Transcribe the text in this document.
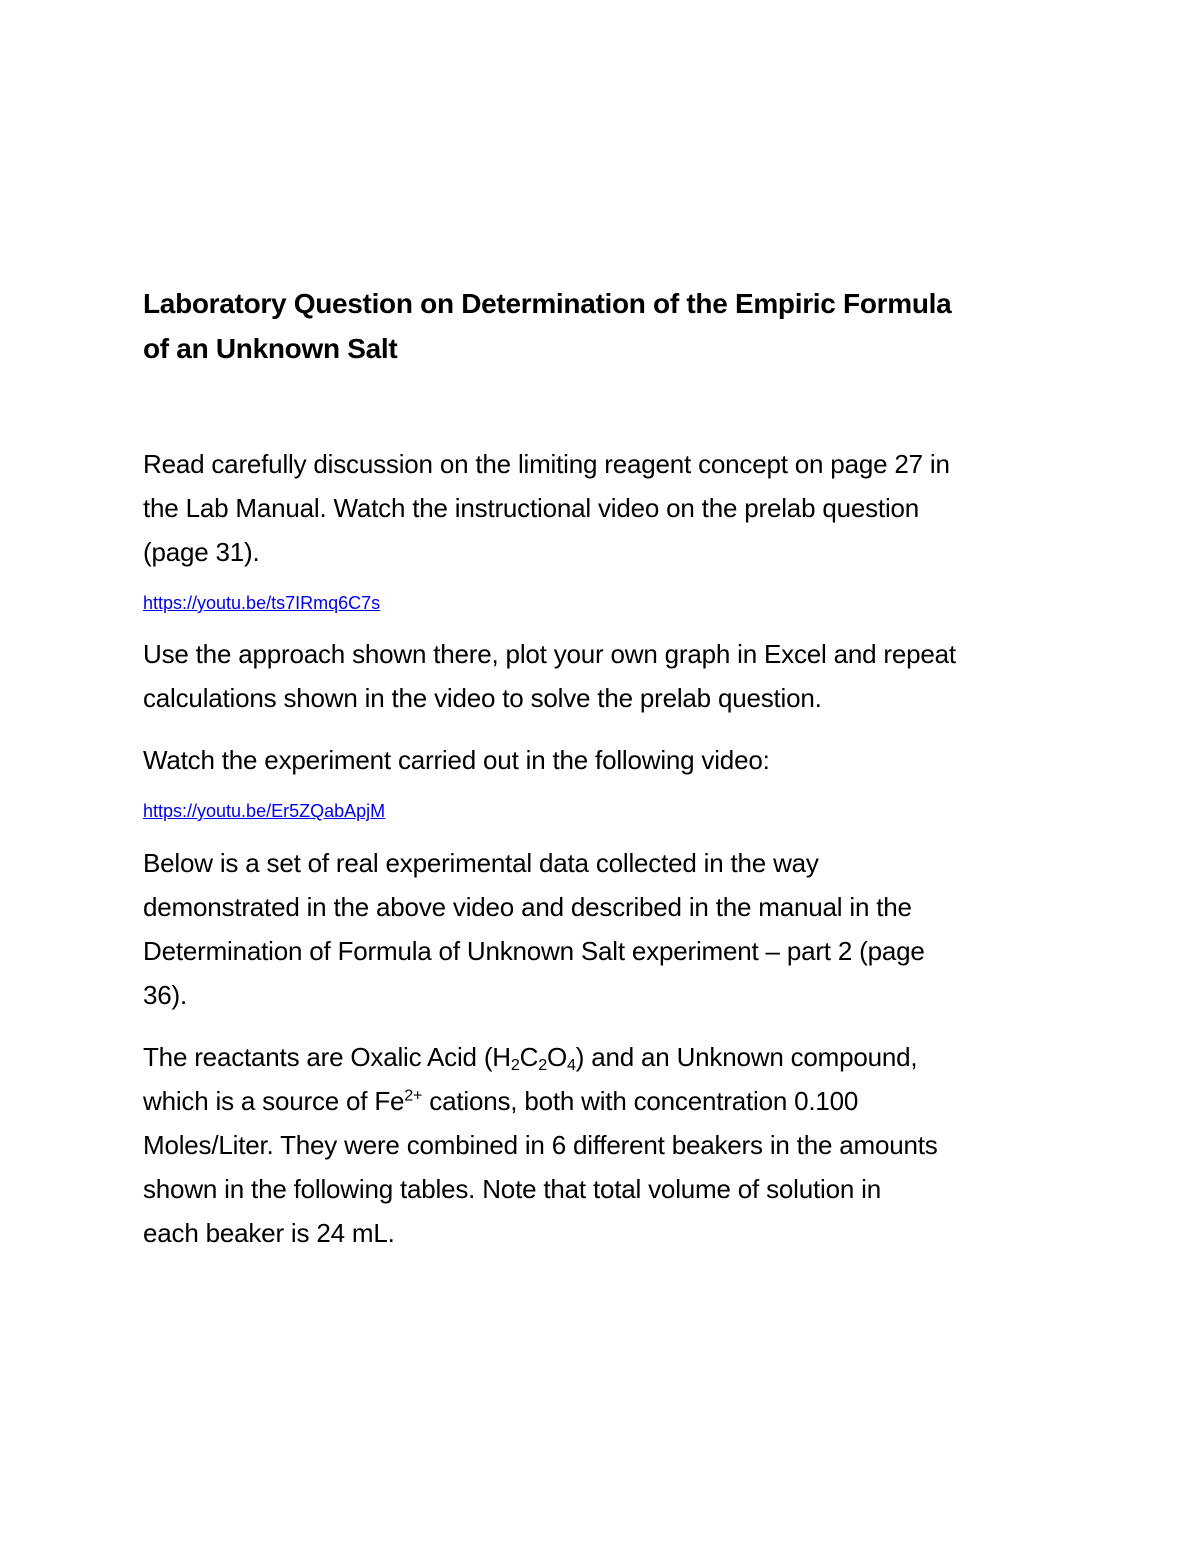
Laboratory Question on Determination of the Empiric Formula
of an Unknown Salt

Read carefully discussion on the limiting reagent concept on page 27 in
the Lab Manual. Watch the instructional video on the prelab question
(page 31).

https://youtu.be/ts7IRmq6C7s

Use the approach shown there, plot your own graph in Excel and repeat
calculations shown in the video to solve the prelab question.

Watch the experiment carried out in the following video:

https://youtu.be/Er5ZQabApjM

Below is a set of real experimental data collected in the way
demonstrated in the above video and described in the manual in the
Determination of Formula of Unknown Salt experiment – part 2 (page
36).

The reactants are Oxalic Acid $(H_2C_2O_4)$ and an Unknown compound,
which is a source of $Fe^{2+}$ cations, both with concentration 0.100
Moles/Liter. They were combined in 6 different beakers in the amounts
shown in the following tables. Note that total volume of solution in
each beaker is 24 mL.
